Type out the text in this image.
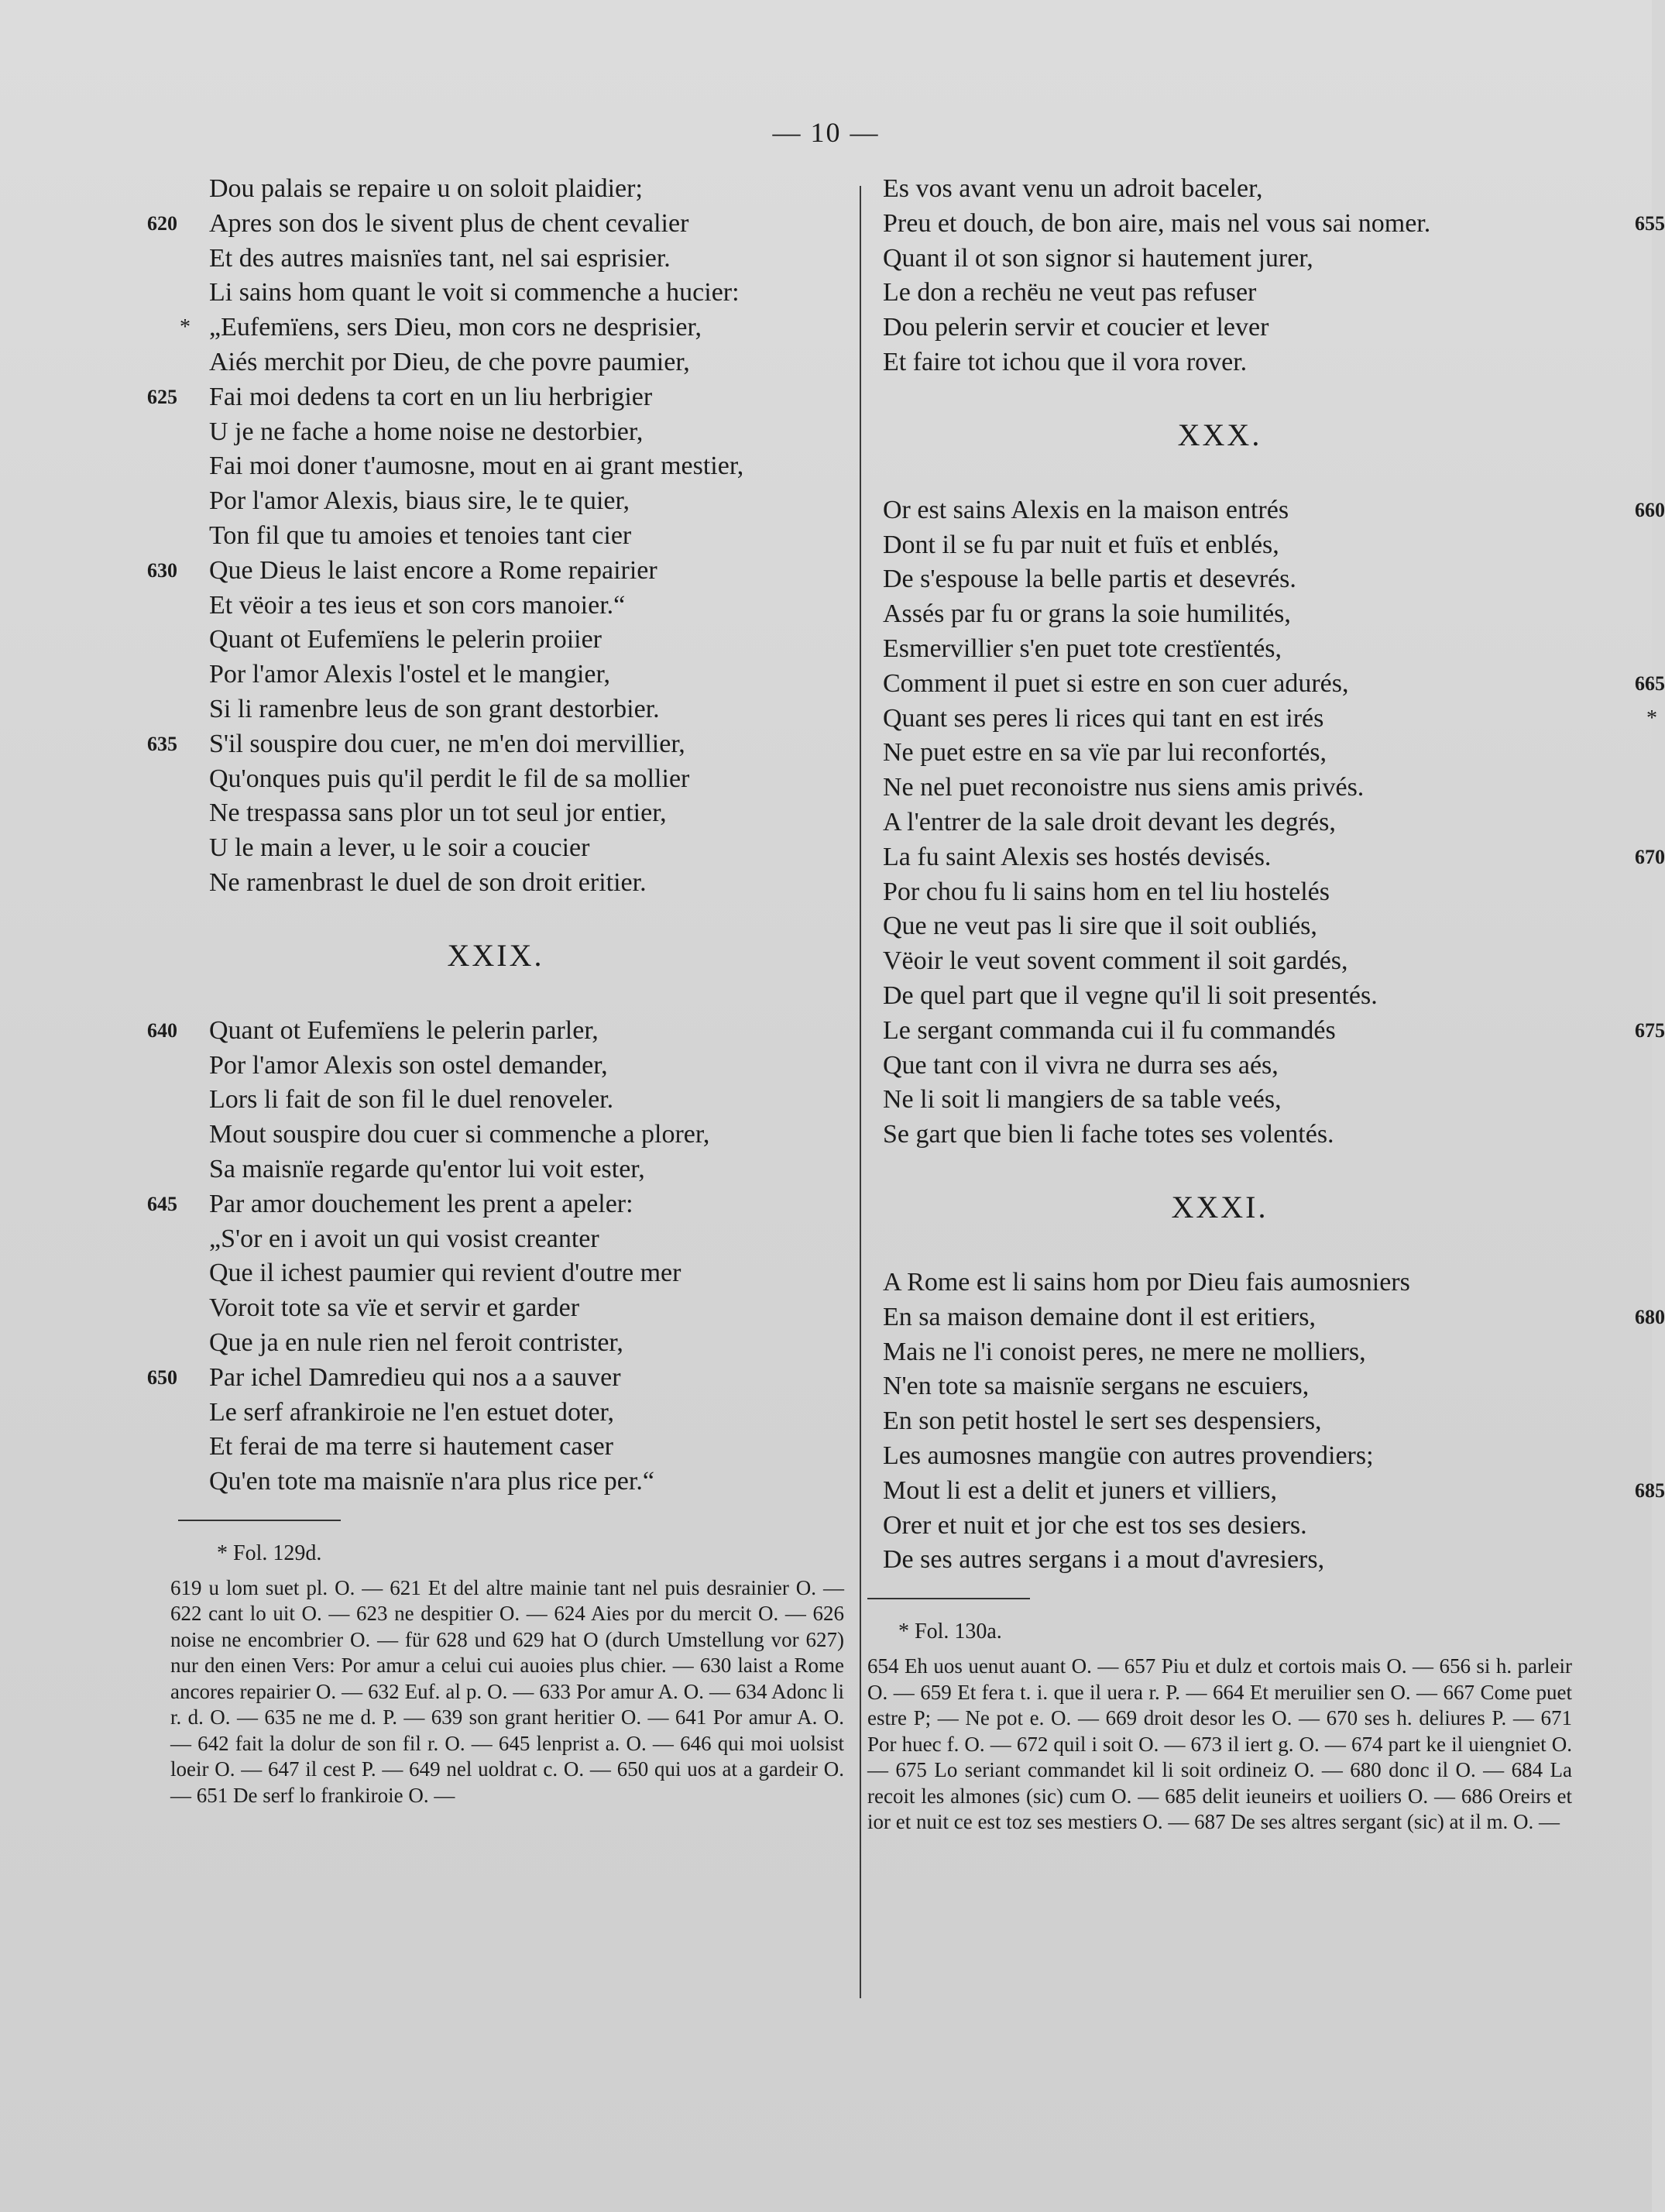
— 10 —
Dou palais se repaire u on soloit plaidier;
620 Apres son dos le sivent plus de chent cevalier
Et des autres maisnïes tant, nel sai esprisier.
Li sains hom quant le voit si commenche a hucier:
* „Eufemïens, sers Dieu, mon cors ne desprisier,
Aiés merchit por Dieu, de che povre paumier,
625 Fai moi dedens ta cort en un liu herbrigier
U je ne fache a home noise ne destorbier,
Fai moi doner t'aumosne, mout en ai grant mestier,
Por l'amor Alexis, biaus sire, le te quier,
Ton fil que tu amoies et tenoies tant cier
630 Que Dieus le laist encore a Rome repairier
Et vëoir a tes ieus et son cors manoier.“
Quant ot Eufemïens le pelerin proiier
Por l'amor Alexis l'ostel et le mangier,
Si li ramenbre leus de son grant destorbier.
635 S'il souspire dou cuer, ne m'en doi mervillier,
Qu'onques puis qu'il perdit le fil de sa mollier
Ne trespassa sans plor un tot seul jor entier,
U le main a lever, u le soir a coucier
Ne ramenbrast le duel de son droit eritier.
XXIX.
640 Quant ot Eufemïens le pelerin parler,
Por l'amor Alexis son ostel demander,
Lors li fait de son fil le duel renoveler.
Mout souspire dou cuer si commenche a plorer,
Sa maisnïe regarde qu'entor lui voit ester,
645 Par amor douchement les prent a apeler:
„S'or en i avoit un qui vosist creanter
Que il ichest paumier qui revient d'outre mer
Voroit tote sa vïe et servir et garder
Que ja en nule rien nel feroit contrister,
650 Par ichel Damredieu qui nos a a sauver
Le serf afrankiroie ne l'en estuet doter,
Et ferai de ma terre si hautement caser
Qu'en tote ma maisnïe n'ara plus rice per.“
* Fol. 129d.
619 u lom suet pl. O. — 621 Et del altre mainie tant nel puis desrainier O. — 622 cant lo uit O. — 623 ne despitier O. — 624 Aies por du mercit O. — 626 noise ne encombrier O. — für 628 und 629 hat O (durch Umstellung vor 627) nur den einen Vers: Por amur a celui cui auoies plus chier. — 630 laist a Rome ancores repairier O. — 632 Euf. al p. O. — 633 Por amur A. O. — 634 Adonc li r. d. O. — 635 ne me d. P. — 639 son grant heritier O. — 641 Por amur A. O. — 642 fait la dolur de son fil r. O. — 645 lenprist a. O. — 646 qui moi uolsist loeir O. — 647 il cest P. — 649 nel uoldrat c. O. — 650 qui uos at a gardeir O. — 651 De serf lo frankiroie O. —
Es vos avant venu un adroit baceler,
655
Preu et douch, de bon aire, mais nel vous sai nomer.
Quant il ot son signor si hautement jurer,
Le don a rechëu ne veut pas refuser
Dou pelerin servir et coucier et lever
Et faire tot ichou que il vora rover.
XXX.
660
Or est sains Alexis en la maison entrés
Dont il se fu par nuit et fuïs et enblés,
De s'espouse la belle partis et desevrés.
Assés par fu or grans la soie humilités,
Esmervillier s'en puet tote crestïentés,
665
Comment il puet si estre en son cuer adurés,
*
Quant ses peres li rices qui tant en est irés
Ne puet estre en sa vïe par lui reconfortés,
Ne nel puet reconoistre nus siens amis privés.
A l'entrer de la sale droit devant les degrés,
670
La fu saint Alexis ses hostés devisés.
Por chou fu li sains hom en tel liu hostelés
Que ne veut pas li sire que il soit oubliés,
Vëoir le veut sovent comment il soit gardés,
De quel part que il vegne qu'il li soit presentés.
675
Le sergant commanda cui il fu commandés
Que tant con il vivra ne durra ses aés,
Ne li soit li mangiers de sa table veés,
Se gart que bien li fache totes ses volentés.
XXXI.
A Rome est li sains hom por Dieu fais aumosniers
680
En sa maison demaine dont il est eritiers,
Mais ne l'i conoist peres, ne mere ne molliers,
N'en tote sa maisnïe sergans ne escuiers,
En son petit hostel le sert ses despensiers,
Les aumosnes mangüe con autres provendiers;
685
Mout li est a delit et juners et villiers,
Orer et nuit et jor che est tos ses desiers.
De ses autres sergans i a mout d'avresiers,
* Fol. 130a.
654 Eh uos uenut auant O. — 657 Piu et dulz et cortois mais O. — 656 si h. parleir O. — 659 Et fera t. i. que il uera r. P. — 664 Et meruilier sen O. — 667 Come puet estre P; — Ne pot e. O. — 669 droit desor les O. — 670 ses h. deliures P. — 671 Por huec f. O. — 672 quil i soit O. — 673 il iert g. O. — 674 part ke il uiengniet O. — 675 Lo seriant commandet kil li soit ordineiz O. — 680 donc il O. — 684 La recoit les almones (sic) cum O. — 685 delit ieuneirs et uoiliers O. — 686 Oreirs et ior et nuit ce est toz ses mestiers O. — 687 De ses altres sergant (sic) at il m. O. —
